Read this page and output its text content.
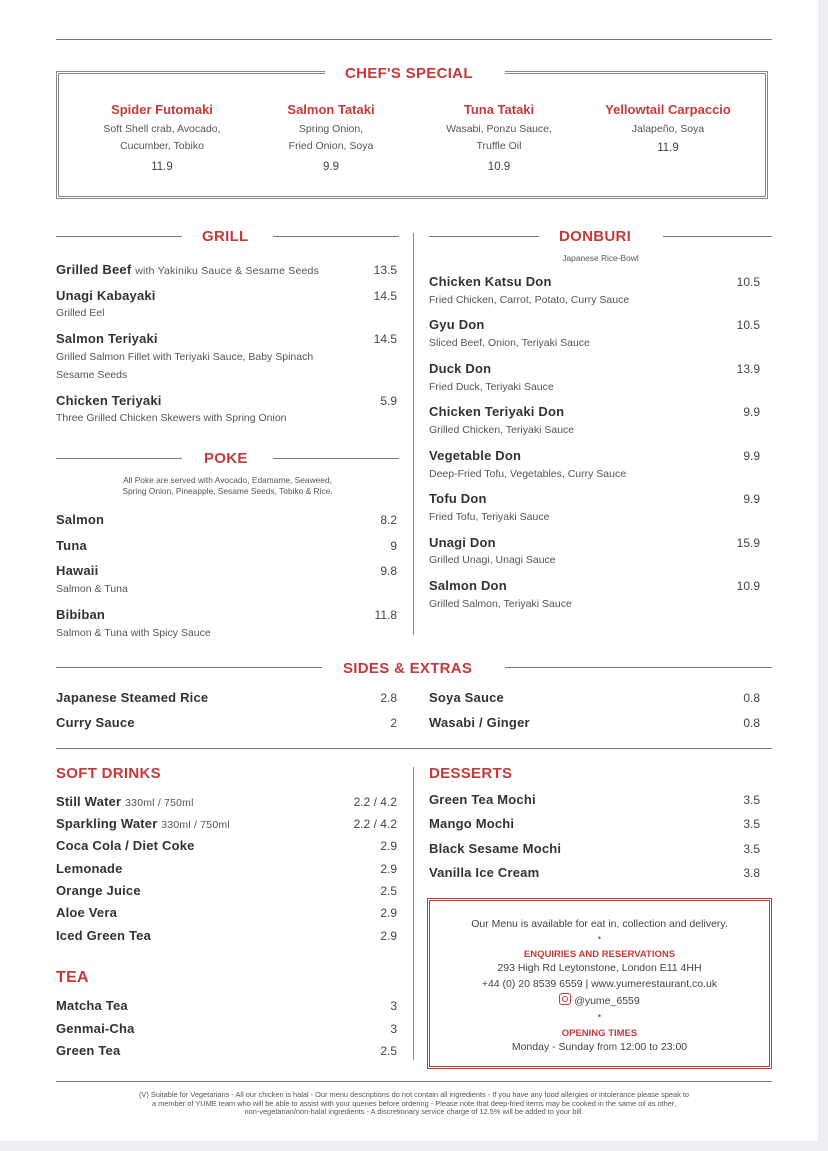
CHEF'S SPECIAL
Spider Futomaki
Soft Shell crab, Avocado,
Cucumber, Tobiko
11.9
Salmon Tataki
Spring Onion,
Fried Onion, Soya
9.9
Tuna Tataki
Wasabi, Ponzu Sauce,
Truffle Oil
10.9
Yellowtail Carpaccio
Jalapeño, Soya
11.9
GRILL
Grilled Beef with Yakiniku Sauce & Sesame Seeds	13.5
Unagi Kabayaki	14.5
Grilled Eel
Salmon Teriyaki	14.5
Grilled Salmon Fillet with Teriyaki Sauce, Baby Spinach
Sesame Seeds
Chicken Teriyaki	5.9
Three Grilled Chicken Skewers with Spring Onion
POKE
All Poke are served with Avocado, Edamame, Seaweed,
Spring Onion, Pineapple, Sesame Seeds, Tobiko & Rice.
Salmon	8.2
Tuna	9
Hawaii	9.8
Salmon & Tuna
Bibiban	11.8
Salmon & Tuna with Spicy Sauce
DONBURI
Japanese Rice-Bowl
Chicken Katsu Don	10.5
Fried Chicken, Carrot, Potato, Curry Sauce
Gyu Don	10.5
Sliced Beef, Onion, Teriyaki Sauce
Duck Don	13.9
Fried Duck, Teriyaki Sauce
Chicken Teriyaki Don	9.9
Grilled Chicken, Teriyaki Sauce
Vegetable Don	9.9
Deep-Fried Tofu, Vegetables, Curry Sauce
Tofu Don	9.9
Fried Tofu, Teriyaki Sauce
Unagi Don	15.9
Grilled Unagi, Unagi Sauce
Salmon Don	10.9
Grilled Salmon, Teriyaki Sauce
SIDES & EXTRAS
Japanese Steamed Rice	2.8
Curry Sauce	2
Soya Sauce	0.8
Wasabi / Ginger	0.8
SOFT DRINKS
Still Water 330ml / 750ml	2.2 / 4.2
Sparkling Water 330ml / 750ml	2.2 / 4.2
Coca Cola / Diet Coke	2.9
Lemonade	2.9
Orange Juice	2.5
Aloe Vera	2.9
Iced Green Tea	2.9
TEA
Matcha Tea	3
Genmai-Cha	3
Green Tea	2.5
DESSERTS
Green Tea Mochi	3.5
Mango Mochi	3.5
Black Sesame Mochi	3.5
Vanilla Ice Cream	3.8
Our Menu is available for eat in, collection and delivery.
•
ENQUIRIES AND RESERVATIONS
293 High Rd Leytonstone, London E11 4HH
+44 (0) 20 8539 6559 | www.yumerestaurant.co.uk
@yume_6559
•
OPENING TIMES
Monday - Sunday from 12:00 to 23:00
(V) Suitable for Vegetarians - All our chicken is halal - Our menu descriptions do not contain all ingredients - If you have any food allergies or intolerance please speak to
a member of YUME team who will be able to assist with your queries before ordering - Please note that deep-fried items may be cooked in the same oil as other,
non-vegetarian/non-halal ingredients - A discretionary service charge of 12.5% will be added to your bill.
